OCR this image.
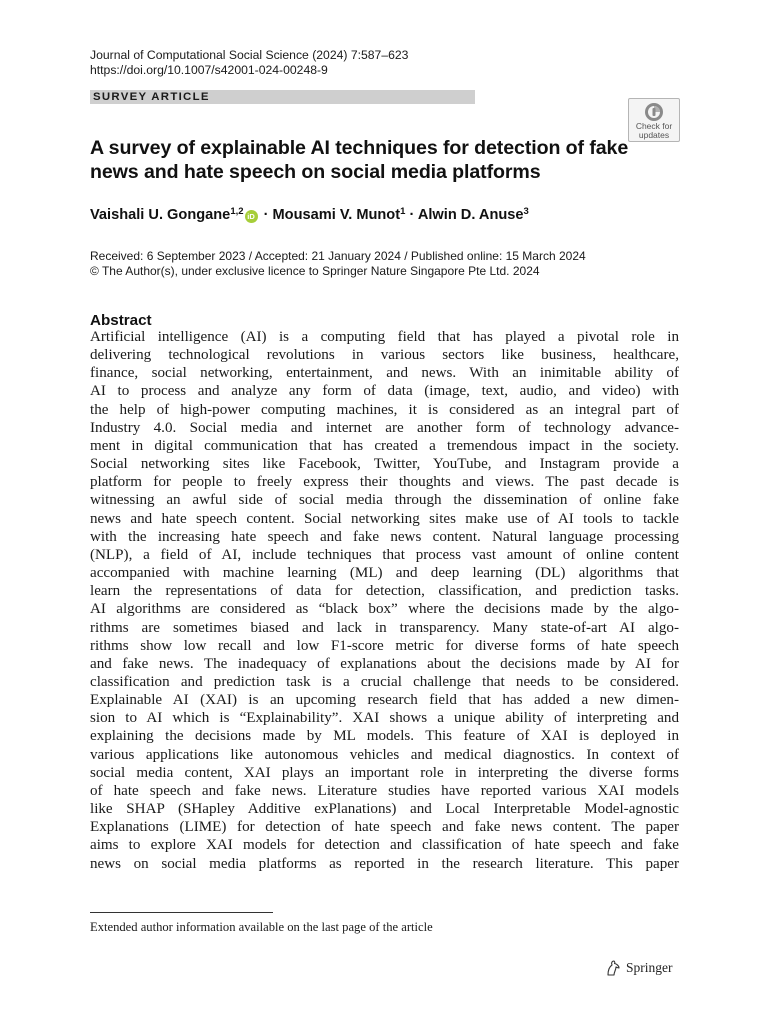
Journal of Computational Social Science (2024) 7:587–623
https://doi.org/10.1007/s42001-024-00248-9
SURVEY ARTICLE
Check for
updates
A survey of explainable AI techniques for detection of fake news and hate speech on social media platforms
Vaishali U. Gongane$^{1,2}$ iD · Mousami V. Munot$^1$ · Alwin D. Anuse$^3$
Received: 6 September 2023 / Accepted: 21 January 2024 / Published online: 15 March 2024
© The Author(s), under exclusive licence to Springer Nature Singapore Pte Ltd. 2024
Abstract
Artificial intelligence (AI) is a computing field that has played a pivotal role in
delivering technological revolutions in various sectors like business, healthcare,
finance, social networking, entertainment, and news. With an inimitable ability of
AI to process and analyze any form of data (image, text, audio, and video) with
the help of high-power computing machines, it is considered as an integral part of
Industry 4.0. Social media and internet are another form of technology advance-
ment in digital communication that has created a tremendous impact in the society.
Social networking sites like Facebook, Twitter, YouTube, and Instagram provide a
platform for people to freely express their thoughts and views. The past decade is
witnessing an awful side of social media through the dissemination of online fake
news and hate speech content. Social networking sites make use of AI tools to tackle
with the increasing hate speech and fake news content. Natural language processing
(NLP), a field of AI, include techniques that process vast amount of online content
accompanied with machine learning (ML) and deep learning (DL) algorithms that
learn the representations of data for detection, classification, and prediction tasks.
AI algorithms are considered as “black box” where the decisions made by the algo-
rithms are sometimes biased and lack in transparency. Many state-of-art AI algo-
rithms show low recall and low F1-score metric for diverse forms of hate speech
and fake news. The inadequacy of explanations about the decisions made by AI for
classification and prediction task is a crucial challenge that needs to be considered.
Explainable AI (XAI) is an upcoming research field that has added a new dimen-
sion to AI which is “Explainability”. XAI shows a unique ability of interpreting and
explaining the decisions made by ML models. This feature of XAI is deployed in
various applications like autonomous vehicles and medical diagnostics. In context of
social media content, XAI plays an important role in interpreting the diverse forms
of hate speech and fake news. Literature studies have reported various XAI models
like SHAP (SHapley Additive exPlanations) and Local Interpretable Model-agnostic
Explanations (LIME) for detection of hate speech and fake news content. The paper
aims to explore XAI models for detection and classification of hate speech and fake
news on social media platforms as reported in the research literature. This paper
Extended author information available on the last page of the article
Springer
